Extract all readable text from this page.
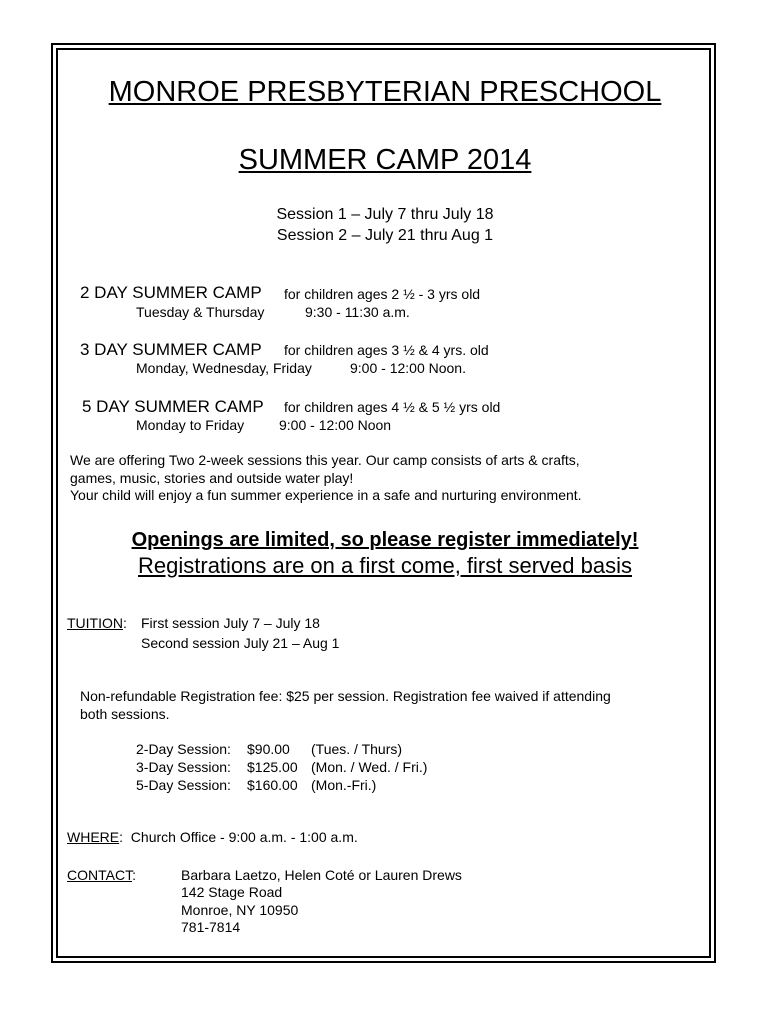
MONROE PRESBYTERIAN PRESCHOOL
SUMMER CAMP 2014
Session 1 – July 7 thru July 18
Session 2 – July 21 thru Aug 1
2 DAY SUMMER CAMP for children ages 2 ½ - 3 yrs old
Tuesday & Thursday	9:30 - 11:30 a.m.
3 DAY SUMMER CAMP for children ages 3 ½ & 4 yrs. old
Monday, Wednesday, Friday	9:00 - 12:00 Noon.
5 DAY SUMMER CAMP for children ages 4 ½ & 5 ½ yrs old
Monday to Friday 9:00 - 12:00 Noon
We are offering Two 2-week sessions this year. Our camp consists of arts & crafts,
games, music, stories and outside water play!
Your child will enjoy a fun summer experience in a safe and nurturing environment.
Openings are limited, so please register immediately!
Registrations are on a first come, first served basis
TUITION: First session July 7 – July 18
Second session July 21 – Aug 1
Non-refundable Registration fee: $25 per session. Registration fee waived if attending
both sessions.
2-Day Session: $90.00 (Tues. / Thurs)
3-Day Session: $125.00 (Mon. / Wed. / Fri.)
5-Day Session: $160.00 (Mon.-Fri.)
WHERE: Church Office - 9:00 a.m. - 1:00 a.m.
CONTACT:	Barbara Laetzo, Helen Coté or Lauren Drews
142 Stage Road
Monroe, NY 10950
781-7814
